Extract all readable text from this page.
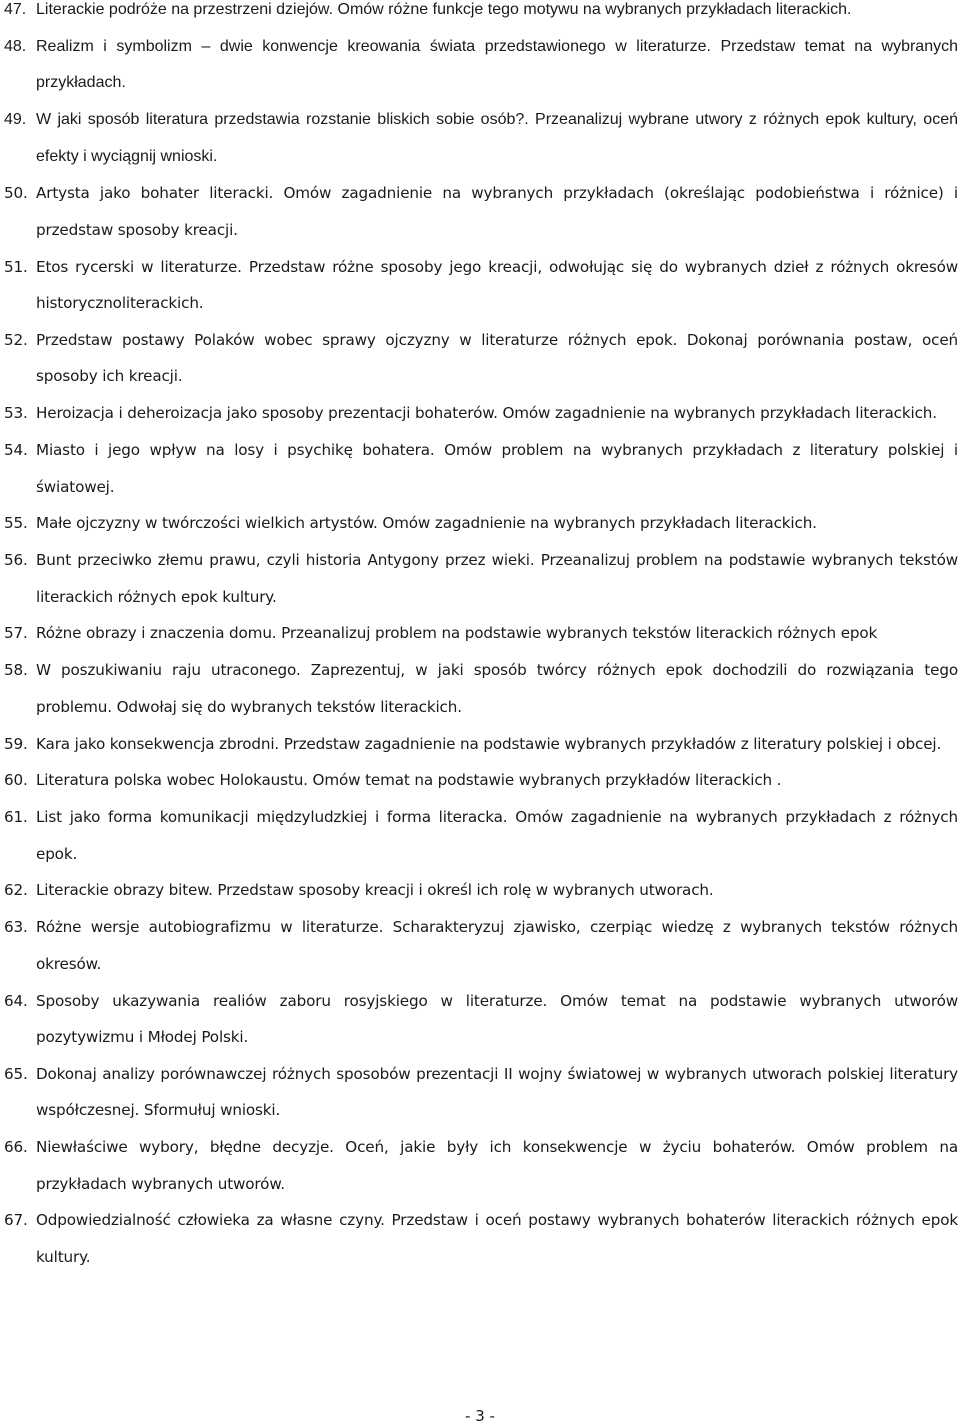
47. Literackie podróże na przestrzeni dziejów. Omów różne funkcje tego motywu na wybranych przykładach literackich.
48. Realizm i symbolizm – dwie konwencje kreowania świata przedstawionego w literaturze. Przedstaw temat na wybranych przykładach.
49. W jaki sposób literatura przedstawia rozstanie bliskich sobie osób?. Przeanalizuj wybrane utwory z różnych epok kultury, oceń efekty i wyciągnij wnioski.
50. Artysta jako bohater literacki. Omów zagadnienie na wybranych przykładach (określając podobieństwa i różnice) i przedstaw sposoby kreacji.
51. Etos rycerski w literaturze. Przedstaw różne sposoby jego kreacji, odwołując się do wybranych dzieł z różnych okresów historycznoliterackich.
52. Przedstaw postawy Polaków wobec sprawy ojczyzny w literaturze różnych epok. Dokonaj porównania postaw, oceń sposoby ich kreacji.
53. Heroizacja i deheroizacja jako sposoby prezentacji bohaterów. Omów zagadnienie na wybranych przykładach literackich.
54. Miasto i jego wpływ na losy i psychikę bohatera. Omów problem na wybranych przykładach z literatury polskiej i światowej.
55. Małe ojczyzny w twórczości wielkich artystów. Omów zagadnienie na wybranych przykładach literackich.
56. Bunt przeciwko złemu prawu, czyli historia Antygony przez wieki. Przeanalizuj problem na podstawie wybranych tekstów literackich różnych epok kultury.
57. Różne obrazy i znaczenia domu. Przeanalizuj problem na podstawie wybranych tekstów literackich różnych epok
58. W poszukiwaniu raju utraconego. Zaprezentuj, w jaki sposób twórcy różnych epok dochodzili do rozwiązania tego problemu. Odwołaj się do wybranych tekstów literackich.
59. Kara jako konsekwencja zbrodni. Przedstaw zagadnienie na podstawie wybranych przykładów z literatury polskiej i obcej.
60. Literatura polska wobec Holokaustu. Omów temat na podstawie wybranych przykładów literackich .
61. List jako forma komunikacji międzyludzkiej i forma literacka. Omów zagadnienie na wybranych przykładach z różnych epok.
62. Literackie obrazy bitew. Przedstaw sposoby kreacji i określ ich rolę w wybranych utworach.
63. Różne wersje autobiografizmu w literaturze. Scharakteryzuj zjawisko, czerpiąc wiedzę z wybranych tekstów różnych okresów.
64. Sposoby ukazywania realiów zaboru rosyjskiego w literaturze. Omów temat na podstawie wybranych utworów pozytywizmu i Młodej Polski.
65. Dokonaj analizy porównawczej różnych sposobów prezentacji II wojny światowej w wybranych utworach polskiej literatury współczesnej. Sformułuj wnioski.
66. Niewłaściwe wybory, błędne decyzje. Oceń, jakie były ich konsekwencje w życiu bohaterów. Omów problem na przykładach wybranych utworów.
67. Odpowiedzialność człowieka za własne czyny. Przedstaw i oceń postawy wybranych bohaterów literackich różnych epok kultury.
- 3 -
